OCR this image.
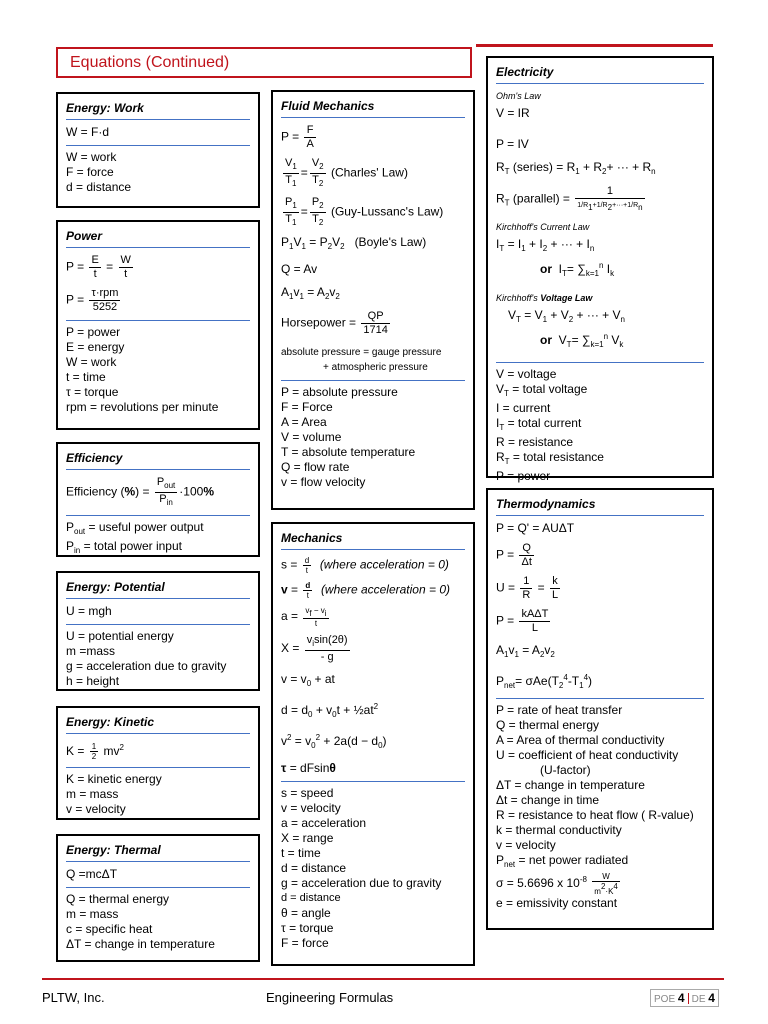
Equations (Continued)
Energy: Work
W = F·d
W = work
F = force
d = distance
Power
$P = \frac{E}{t} = \frac{W}{t}$
$P = \frac{\text{τ·rpm}}{5252}$
P = power
E = energy
W = work
t = time
τ = torque
rpm = revolutions per minute
Efficiency
Efficiency (%) = $\frac{P_{out}}{P_{in}} \cdot 100\%$
$P_{out}$ = useful power output
$P_{in}$ = total power input
Energy: Potential
U = mgh
U = potential energy
m =mass
g = acceleration due to gravity
h = height
Energy: Kinetic
$K = \frac{1}{2} mv^2$
K = kinetic energy
m = mass
v = velocity
Energy: Thermal
Q =mcΔT
Q = thermal energy
m = mass
c = specific heat
ΔT = change in temperature
Fluid Mechanics
$P = \frac{F}{A}$
$\frac{V_1}{T_1} = \frac{V_2}{T_2}$ (Charles' Law)
$\frac{P_1}{T_1} = \frac{P_2}{T_2}$ (Guy-Lussanc's Law)
$P_1V_1 = P_2V_2$ (Boyle's Law)
Q = Av
$A_1v_1 = A_2v_2$
Horsepower = $\frac{QP}{1714}$
absolute pressure = gauge pressure
+ atmospheric pressure
P = absolute pressure
F = Force
A = Area
V = volume
T = absolute temperature
Q = flow rate
v = flow velocity
Mechanics
$s = \frac{d}{t}$ (where acceleration = 0)
$v = \frac{d}{t}$ (where acceleration = 0)
$a = \frac{vf - vi}{t}$
$X = \frac{v_i\sin(2\theta)}{- g}$
$v = v_0$ + at
$d = d_0 + v_0t$ + $\frac{1}{2}at^2$
$v^2 = v_0^2 + 2a(d - d_0)$
τ = dFsinθ
s = speed
v = velocity
a = acceleration
X = range
t = time
d = distance
g = acceleration due to gravity
d = distance
θ = angle
τ = torque
F = force
Electricity
Ohm's Law
V = IR
P = IV
$R_T$ (series) = $R_1 + R_2+$ ··· + $R_n$
$R_T$ (parallel) = $\frac{1}{1/R1+1/R2+\cdot\cdot\cdot+1/Rn}$
Kirchhoff's Current Law
$I_T = I_1 + I_2$ + ··· + $I_n$
or  $I_T= \sum_{k=1}^n$ $I_k$
Kirchhoff's Voltage Law
$V_T = V_1 + V_2$ + ··· + $V_n$
or  $V_T= \sum_{k=1}^n$ $V_k$
V = voltage
$V_T$ = total voltage
I = current
$I_T$ = total current
R = resistance
$R_T$ = total resistance
P = power
Thermodynamics
P = Q' = AUΔT
$P = \frac{Q}{\Delta t}$
$U = \frac{1}{R} = \frac{k}{L}$
$P = \frac{\text{kAΔT}}{L}$
$A_1v_1 = A_2v_2$
$P_{net}= \sigma Ae(T_2^4-T_1^4)$
P = rate of heat transfer
Q = thermal energy
A = Area of thermal conductivity
U = coefficient of heat conductivity
(U-factor)
ΔT = change in temperature
Δt = change in time
R = resistance to heat flow ( R-value)
k = thermal conductivity
v = velocity
$P_{net}$ = net power radiated
σ = 5.6696 x $10^{-8} \frac{W}{m2\cdot K4}$
e = emissivity constant
PLTW, Inc.	Engineering Formulas	POE 4 DE 4
